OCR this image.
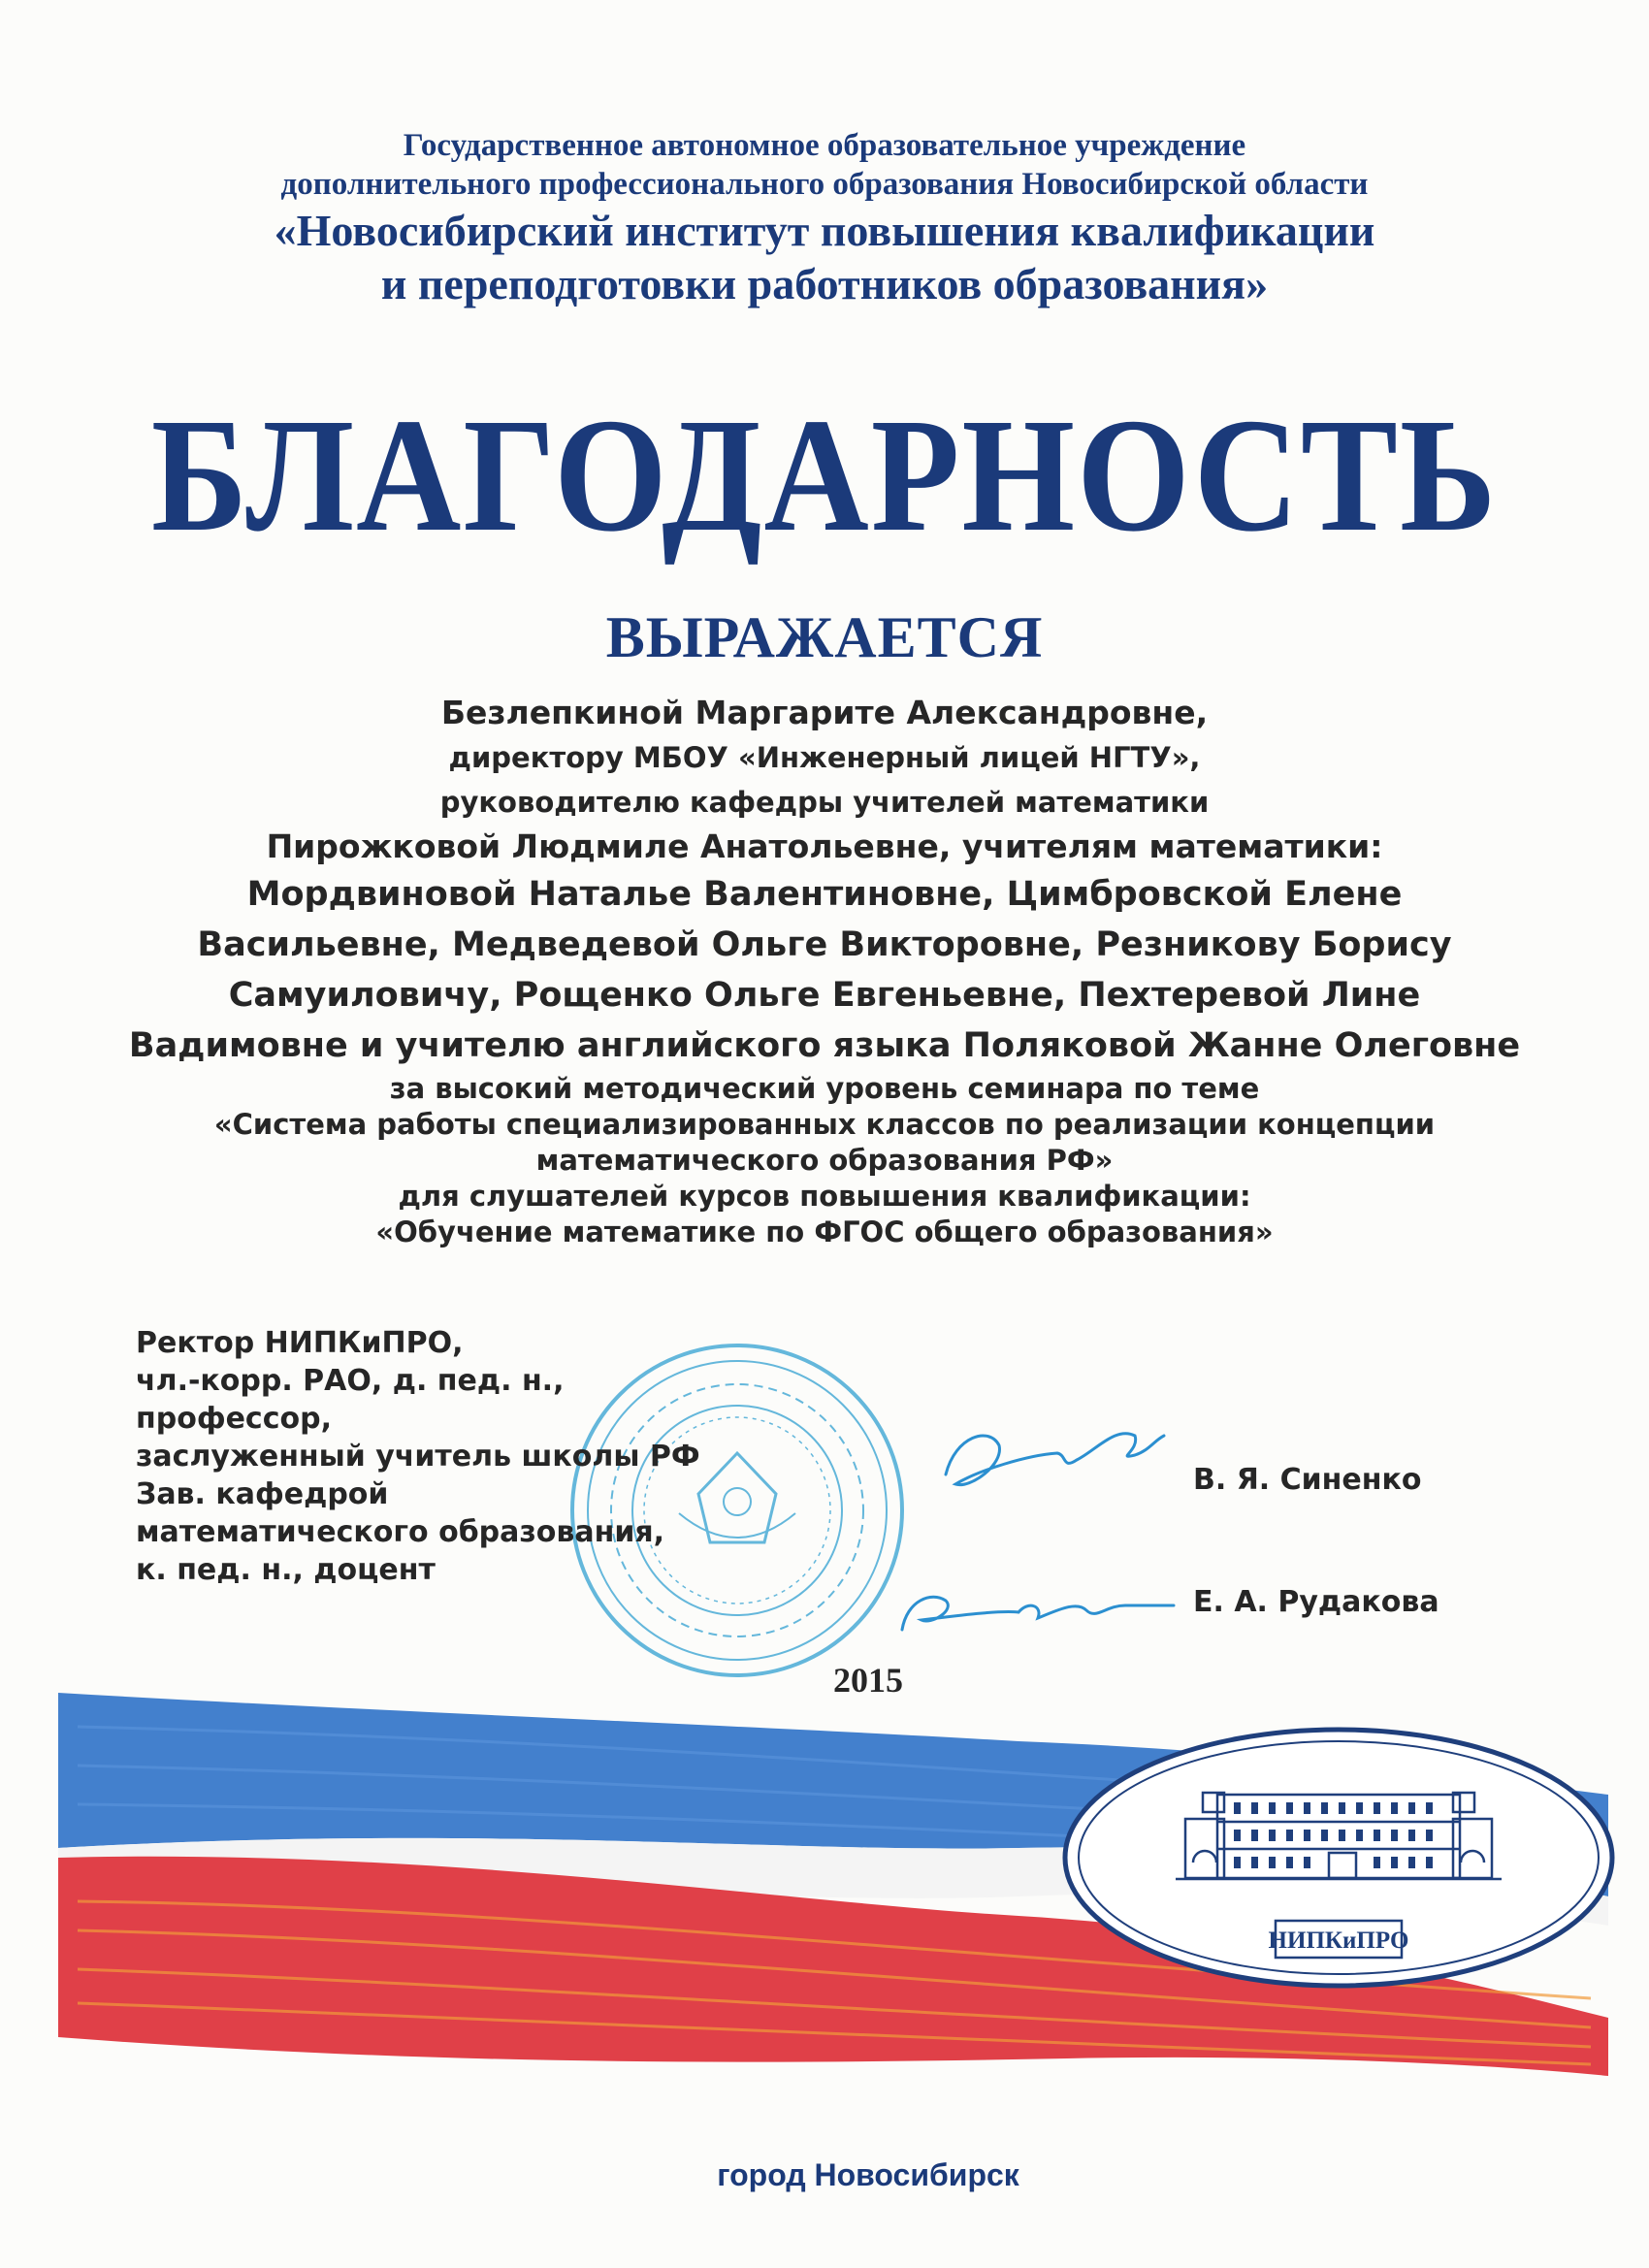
Государственное автономное образовательное учреждение
дополнительного профессионального образования Новосибирской области
«Новосибирский институт повышения квалификации
и переподготовки работников образования»
БЛАГОДАРНОСТЬ
ВЫРАЖАЕТСЯ
Безлепкиной Маргарите Александровне,
директору МБОУ «Инженерный лицей НГТУ»,
руководителю кафедры учителей математики
Пирожковой Людмиле Анатольевне, учителям математики:
Мордвиновой Наталье Валентиновне, Цимбровской Елене
Васильевне, Медведевой Ольге Викторовне, Резникову Борису
Самуиловичу, Рощенко Ольге Евгеньевне, Пехтеревой Лине
Вадимовне и учителю английского языка Поляковой Жанне Олеговне
за высокий методический уровень семинара по теме
«Система работы специализированных классов по реализации концепции
математического образования РФ»
для слушателей курсов повышения квалификации:
«Обучение математике по ФГОС общего образования»
НИПКиПРО
Ректор НИПКиПРО,
чл.-корр. РАО, д. пед. н.,
профессор,
заслуженный учитель школы РФ
Зав. кафедрой
математического образования,
к. пед. н., доцент
В. Я. Синенко
Е. А. Рудакова
2015
город Новосибирск
